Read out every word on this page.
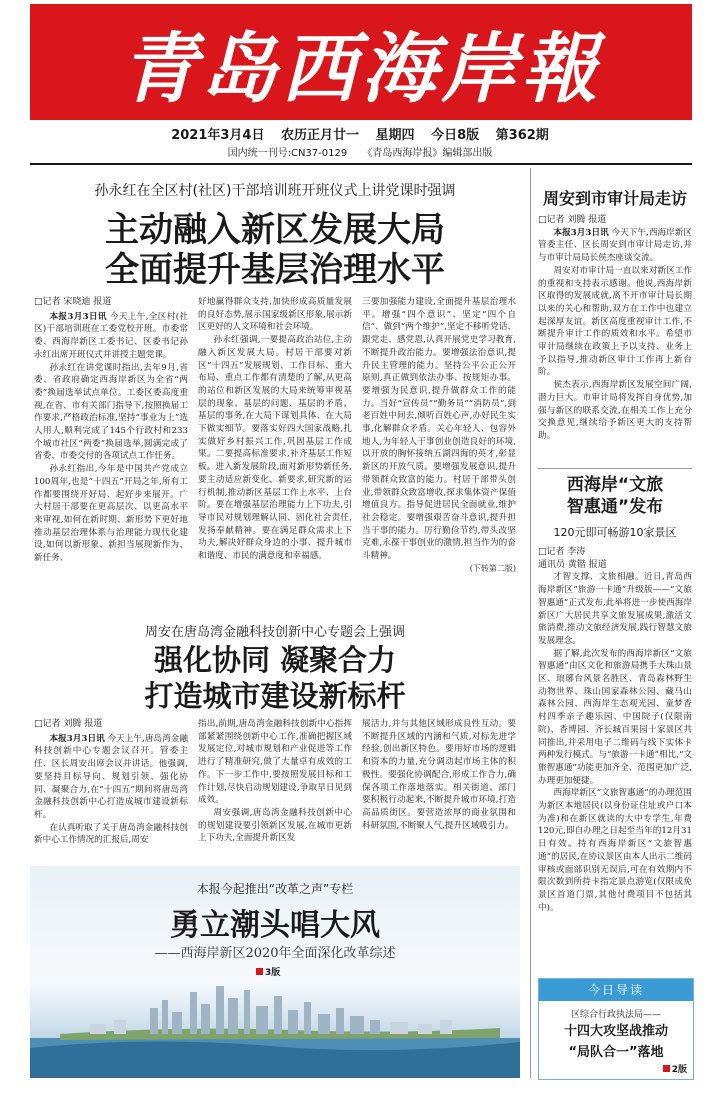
青岛西海岸報
2021年3月4日 农历正月廿一 星期四 今日8版 第362期
国内统一刊号:CN37-0129 《青岛西海岸报》编辑部出版
孙永红在全区村(社区)干部培训班开班仪式上讲党课时强调
主动融入新区发展大局
全面提升基层治理水平
□记者 宋晓迪 报道

本报3月3日讯 今天上午,全区村(社区)干部培训班在工委党校开班。市委常委、西海岸新区工委书记、区委书记孙永红出席开班仪式并讲授主题党课。

孙永红在讲党课时指出,去年9月,省委、省政府确定西海岸新区为全省“两委”换届选举试点单位。工委区委高度重视,在省、市有关部门指导下,按照换届工作要求,严格政治标准,坚持“事业为上”选人用人,顺利完成了145个行政村和233个城市社区“两委”换届选举,圆满完成了省委、市委交付的各项试点工作任务。

孙永红指出,今年是中国共产党成立100周年,也是“十四五”开局之年,所有工作都要围绕开好局、起好步来展开。广大村居干部要在更高层次、以更高水平来审视,如何在新时期、新形势下更好地推动基层治理体系与治理能力现代化建设,如何以新形象、新担当展现新作为、新任务、

好地赢得群众支持,加快形成高质量发展的良好态势,展示国家级新区形象,展示新区更好的人文环境和社会环境。

孙永红强调,一要提高政治站位,主动融入新区发展大局。村居干部要对新区“十四五”发展规划、工作目标、重大布局、重点工作都有清楚的了解,从更高的站位和新区发展的大局来统筹审视基层的现象、基层的问题、基层的矛盾、基层的事务,在大局下谋划具体、在大局下做实细节。要落实好四大国家战略,扎实做好乡村振兴工作,巩固基层工作成果。二要提高标准要求,补齐基层工作短板。进入新发展阶段,面对新形势新任务,要主动适应新变化、新要求,研究新的运行机制,推动新区基层工作上水平、上台阶。要在增强基层治理能力上下功夫,引导市民对规划理解认同、固化社会责任,发扬奉献精神。要在满足群众需求上下功夫,解决好群众身边的小事、提升城市和谐度、市民的满意度和幸福感。

三要加强能力建设,全面提升基层治理水平。增强“四个意识”、坚定“四个自信”、做到“两个维护”,坚定不移听党话、跟党走、感党恩,认真开展党史学习教育,不断提升政治能力。要增强法治意识,提升民主管理的能力。坚持公平公正公开原则,真正做到依法办事、按规矩办事。要增强为民意识,提升做群众工作的能力。当好“宣传员”“勤务员”“消防员”,到老百姓中间去,倾听百姓心声,办好民生实事,化解群众矛盾。关心年轻人、包容外地人,为年轻人干事创业创造良好的环境,以开放的胸怀接纳五湖四海的英才,彰显新区的开放气质。要增强发展意识,提升带领群众致富的能力。村居干部带头创业,带领群众致富增收,探求集体资产保值增值良方。指导促进居民全面就业,维护社会稳定。要增强艰苦奋斗意识,提升担当干事的能力。厉行勤俭节约,带头改坚克难,永葆干事创业的激情,担当作为的奋斗精神。

(下转第二版)

周安在唐岛湾金融科技创新中心专题会上强调
强化协同 凝聚合力
打造城市建设新标杆
□记者 刘腾 报道

本报3月3日讯 今天上午,唐岛湾金融科技创新中心专题会议召开。管委主任、区长周安出席会议并讲话。他强调,要坚持目标导向、规划引领、强化协同、凝聚合力,在“十四五”期间将唐岛湾金融科技创新中心打造成城市建设新标杆。

在认真听取了关于唐岛湾金融科技创新中心工作情况的汇报后,周安

指出,前期,唐岛湾金融科技创新中心指挥部紧紧围绕创新中心工作,准确把握区域发展定位,对城市规划和产业促进等工作进行了精准研究,做了大量卓有成效的工作。下一步工作中,要按照发展目标和工作计划,尽快启动规划建设,争取早日见到成效。

周安强调,唐岛湾金融科技创新中心的规划建设要引领新区发展,在城市更新上下功夫,全面提升新区发

展活力,并与其他区域形成良性互动。要不断提升区域的内涵和气质,对标先进学经验,创出新区特色。要用好市场的逻辑和资本的力量,充分调动起市场主体的积极性。要强化协调配合,形成工作合力,确保各项工作落地落实。相关街道、部门要积极行动起来,不断提升城市环境,打造高品质街区。要营造浓厚的商业氛围和科研氛围,不断聚人气,提升区域吸引力。

本报今起推出“改革之声”专栏
勇立潮头唱大风
——西海岸新区2020年全面深化改革综述
3版
周安到市审计局走访
□记者 刘腾 报道

本报3月3日讯 今天下午,西海岸新区管委主任、区长周安到市审计局走访,并与市审计局局长侯杰座谈交流。

周安对市审计局一直以来对新区工作的重视和支持表示感谢。他说,西海岸新区取得的发展成就,离不开市审计局长期以来的关心和帮助,双方在工作中也建立起深厚友谊。新区高度重视审计工作,不断提升审计工作的质效和水平。希望市审计局继续在政策上予以支持、业务上予以指导,推动新区审计工作再上新台阶。

侯杰表示,西海岸新区发展空间广阔,潜力巨大。市审计局将发挥自身优势,加强与新区的联系交流,在相关工作上充分交换意见,继续给予新区更大的支持帮助。

西海岸“文旅
智惠通”发布
120元即可畅游10家景区
□记者 李涛
通讯员 黄锴 报道

才智支撑、文旅相融。近日,青岛西海岸新区“旅游一卡通”升级版——“文旅智惠通”正式发布,此举将进一步使西海岸新区广大居民共享文旅发展成果,激活文旅消费,推动文旅经济发展,践行智慧文旅发展理念。

据了解,此次发布的西海岸新区“文旅智惠通”由区文化和旅游局携手大珠山景区、琅琊台风景名胜区、青岛森林野生动物世界、珠山国家森林公园、藏马山森林公园、西海岸生态观光园、童梦香村四季亲子趣乐园、中国院子(仅限南院)、香博园、齐长城百果园十家景区共同推出,并采用电子二维码与线下实体卡两种发行模式。与“旅游一卡通”相比,“文旅智惠通”功能更加齐全、范围更加广泛,办理更加便捷。

西海岸新区“文旅智惠通”的办理范围为新区本地居民(以身份证住址或户口本为准)和在新区就读的大中专学生,年费120元,即自办理之日起至当年的12月31日有效。持有西海岸新区“文旅智惠通”的居民,在协议景区由本人出示二维码审核或面部识别无误后,可在有效期内不限次数到所持卡指定景点游览(仅限成免景区首道门票,其他付费项目不包括其中)。

今日导读
区综合行政执法局——
十四大攻坚战推动
“局队合一”落地
2版
